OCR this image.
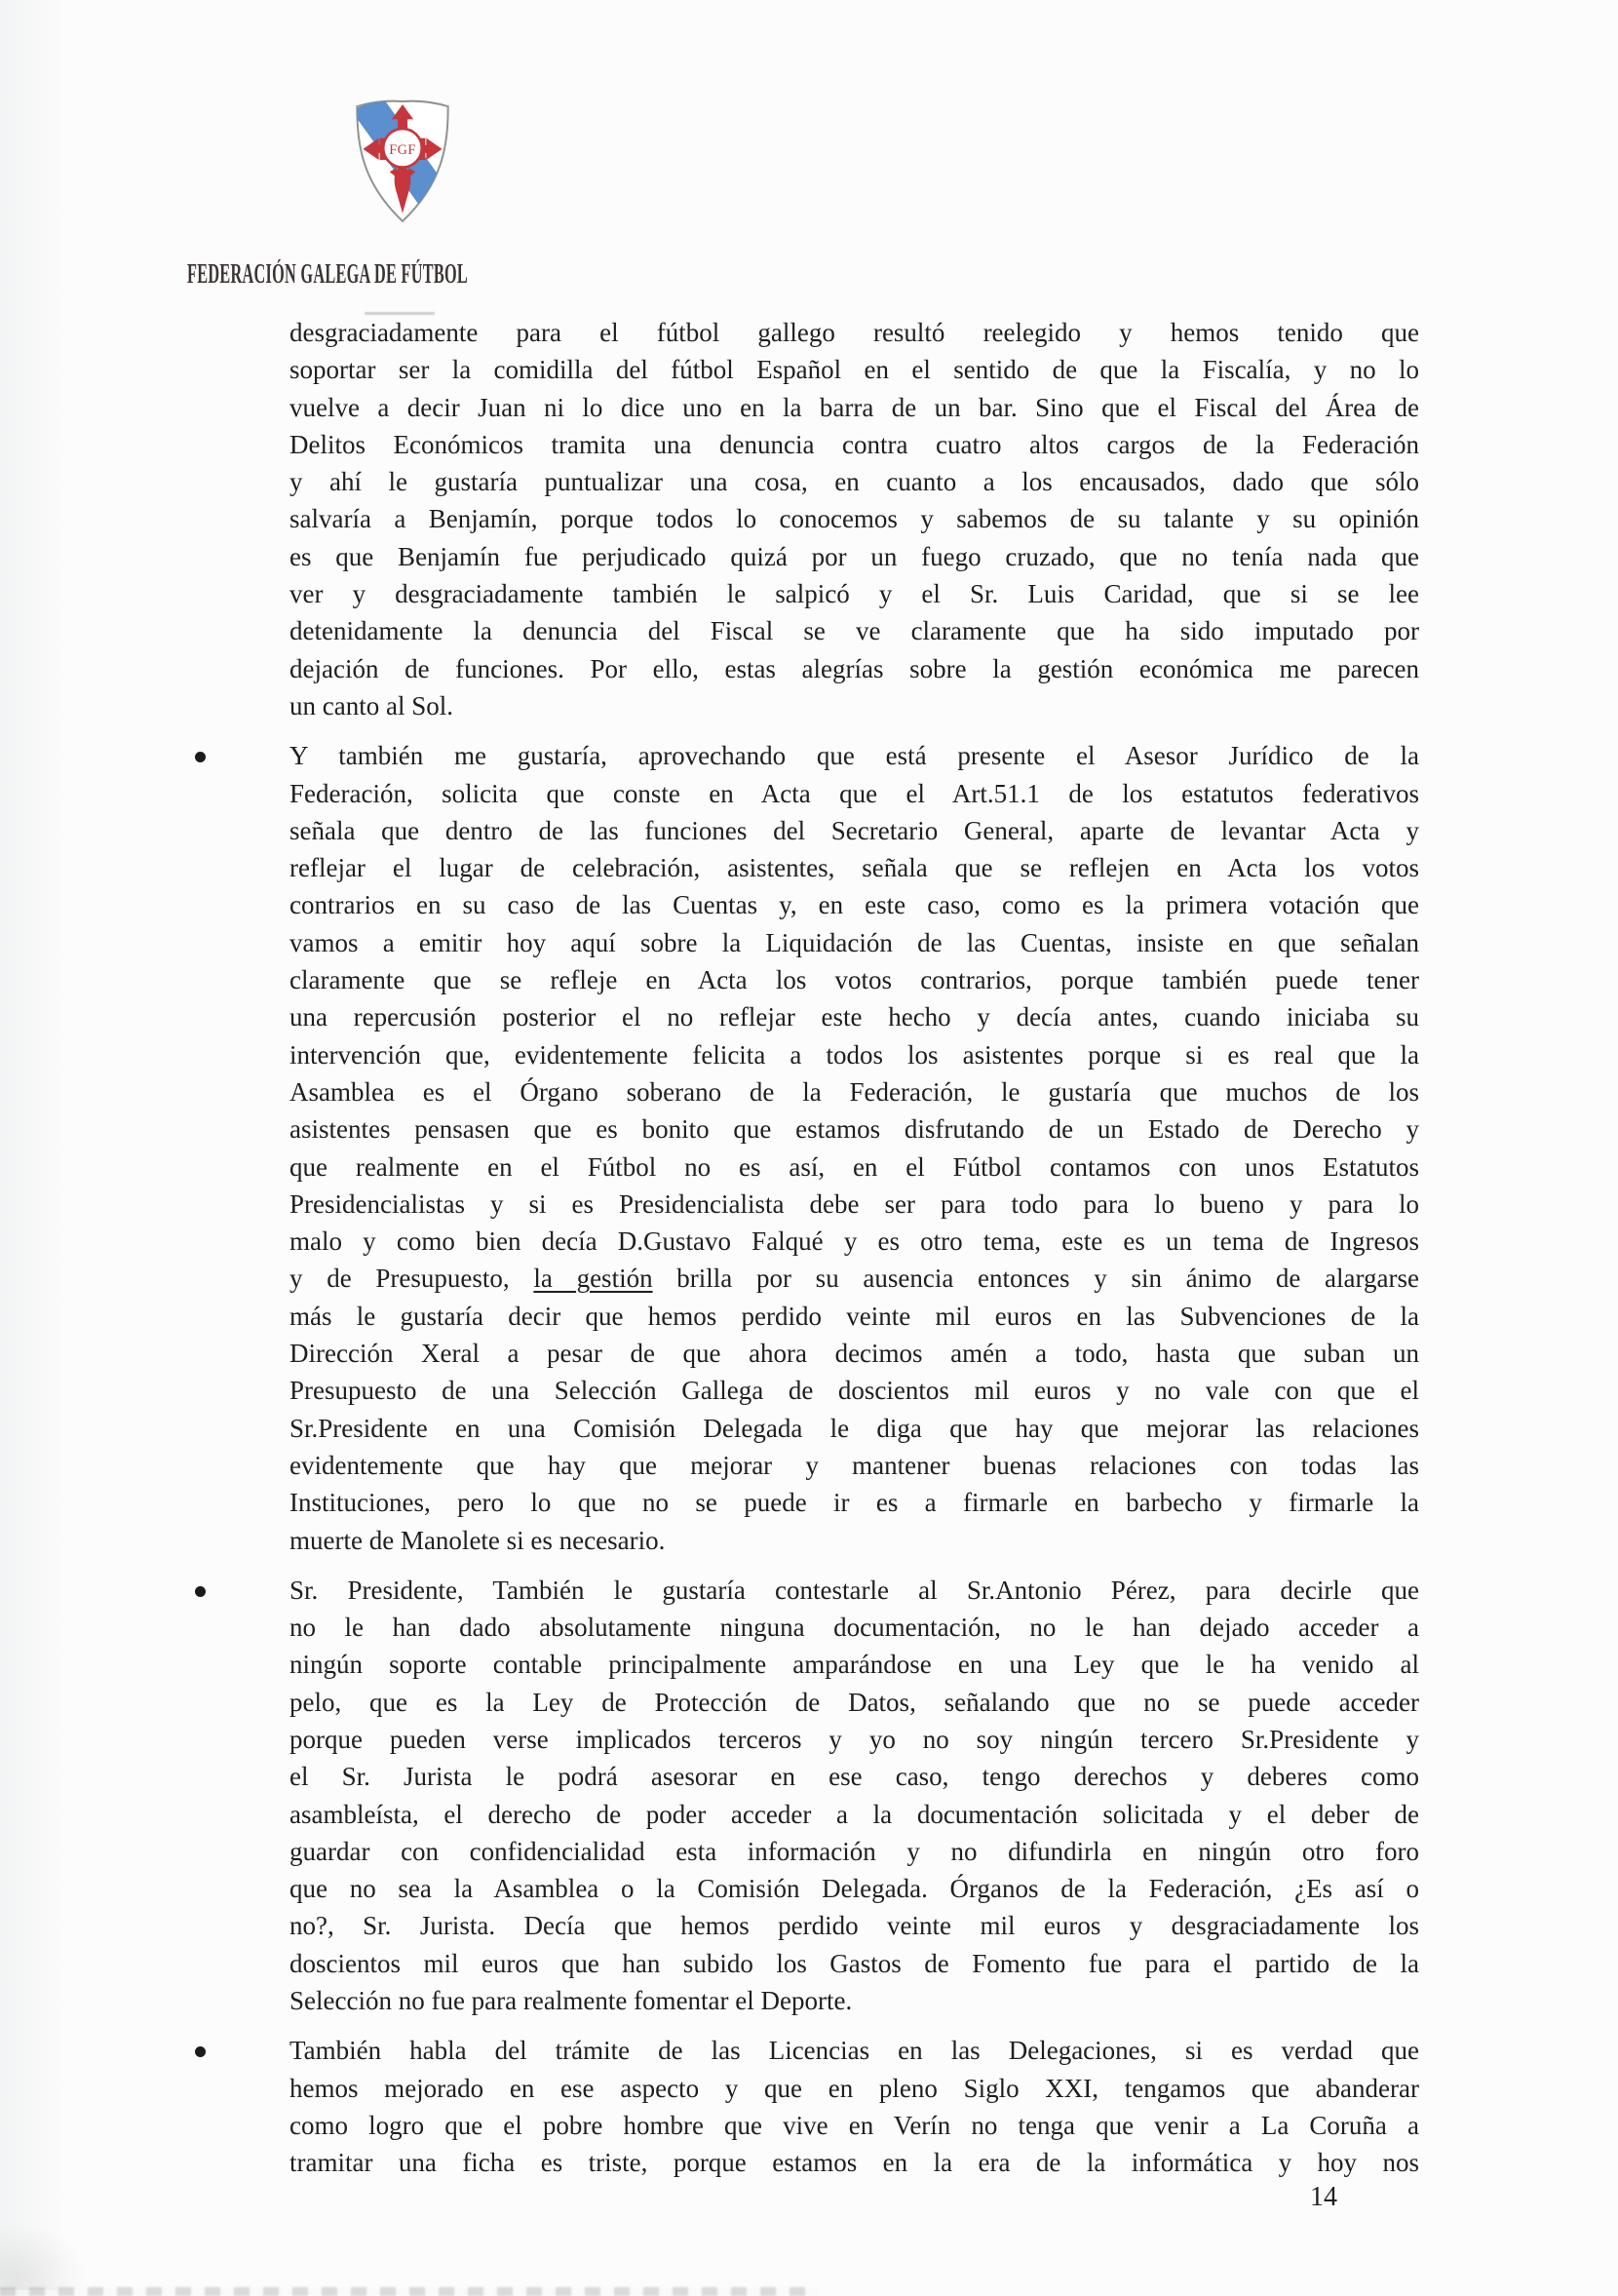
FGF
FEDERACIÓN GALEGA DE FÚTBOL
desgraciadamente para el fútbol gallego resultó reelegido y hemos tenido que
soportar ser la comidilla del fútbol Español en el sentido de que la Fiscalía, y no lo
vuelve a decir Juan ni lo dice uno en la barra de un bar. Sino que el Fiscal del Área de
Delitos Económicos tramita una denuncia contra cuatro altos cargos de la Federación
y ahí le gustaría puntualizar una cosa, en cuanto a los encausados, dado que sólo
salvaría a Benjamín, porque todos lo conocemos y sabemos de su talante y su opinión
es que Benjamín fue perjudicado quizá por un fuego cruzado, que no tenía nada que
ver y desgraciadamente también le salpicó y el Sr. Luis Caridad, que si se lee
detenidamente la denuncia del Fiscal se ve claramente que ha sido imputado por
dejación de funciones. Por ello, estas alegrías sobre la gestión económica me parecen
un canto al Sol.
Y también me gustaría, aprovechando que está presente el Asesor Jurídico de la
Federación, solicita que conste en Acta que el Art.51.1 de los estatutos federativos
señala que dentro de las funciones del Secretario General, aparte de levantar Acta y
reflejar el lugar de celebración, asistentes, señala que se reflejen en Acta los votos
contrarios en su caso de las Cuentas y, en este caso, como es la primera votación que
vamos a emitir hoy aquí sobre la Liquidación de las Cuentas, insiste en que señalan
claramente que se refleje en Acta los votos contrarios, porque también puede tener
una repercusión posterior el no reflejar este hecho y decía antes, cuando iniciaba su
intervención que, evidentemente felicita a todos los asistentes porque si es real que la
Asamblea es el Órgano soberano de la Federación, le gustaría que muchos de los
asistentes pensasen que es bonito que estamos disfrutando de un Estado de Derecho y
que realmente en el Fútbol no es así, en el Fútbol contamos con unos Estatutos
Presidencialistas y si es Presidencialista debe ser para todo para lo bueno y para lo
malo y como bien decía D.Gustavo Falqué y es otro tema, este es un tema de Ingresos
y de Presupuesto, la gestión brilla por su ausencia entonces y sin ánimo de alargarse
más le gustaría decir que hemos perdido veinte mil euros en las Subvenciones de la
Dirección Xeral a pesar de que ahora decimos amén a todo, hasta que suban un
Presupuesto de una Selección Gallega de doscientos mil euros y no vale con que el
Sr.Presidente en una Comisión Delegada le diga que hay que mejorar las relaciones
evidentemente que hay que mejorar y mantener buenas relaciones con todas las
Instituciones, pero lo que no se puede ir es a firmarle en barbecho y firmarle la
muerte de Manolete si es necesario.
Sr. Presidente, También le gustaría contestarle al Sr.Antonio Pérez, para decirle que
no le han dado absolutamente ninguna documentación, no le han dejado acceder a
ningún soporte contable principalmente amparándose en una Ley que le ha venido al
pelo, que es la Ley de Protección de Datos, señalando que no se puede acceder
porque pueden verse implicados terceros y yo no soy ningún tercero Sr.Presidente y
el Sr. Jurista le podrá asesorar en ese caso, tengo derechos y deberes como
asambleísta, el derecho de poder acceder a la documentación solicitada y el deber de
guardar con confidencialidad esta información y no difundirla en ningún otro foro
que no sea la Asamblea o la Comisión Delegada. Órganos de la Federación, ¿Es así o
no?, Sr. Jurista. Decía que hemos perdido veinte mil euros y desgraciadamente los
doscientos mil euros que han subido los Gastos de Fomento fue para el partido de la
Selección no fue para realmente fomentar el Deporte.
También habla del trámite de las Licencias en las Delegaciones, si es verdad que
hemos mejorado en ese aspecto y que en pleno Siglo XXI, tengamos que abanderar
como logro que el pobre hombre que vive en Verín no tenga que venir a La Coruña a
tramitar una ficha es triste, porque estamos en la era de la informática y hoy nos
14
